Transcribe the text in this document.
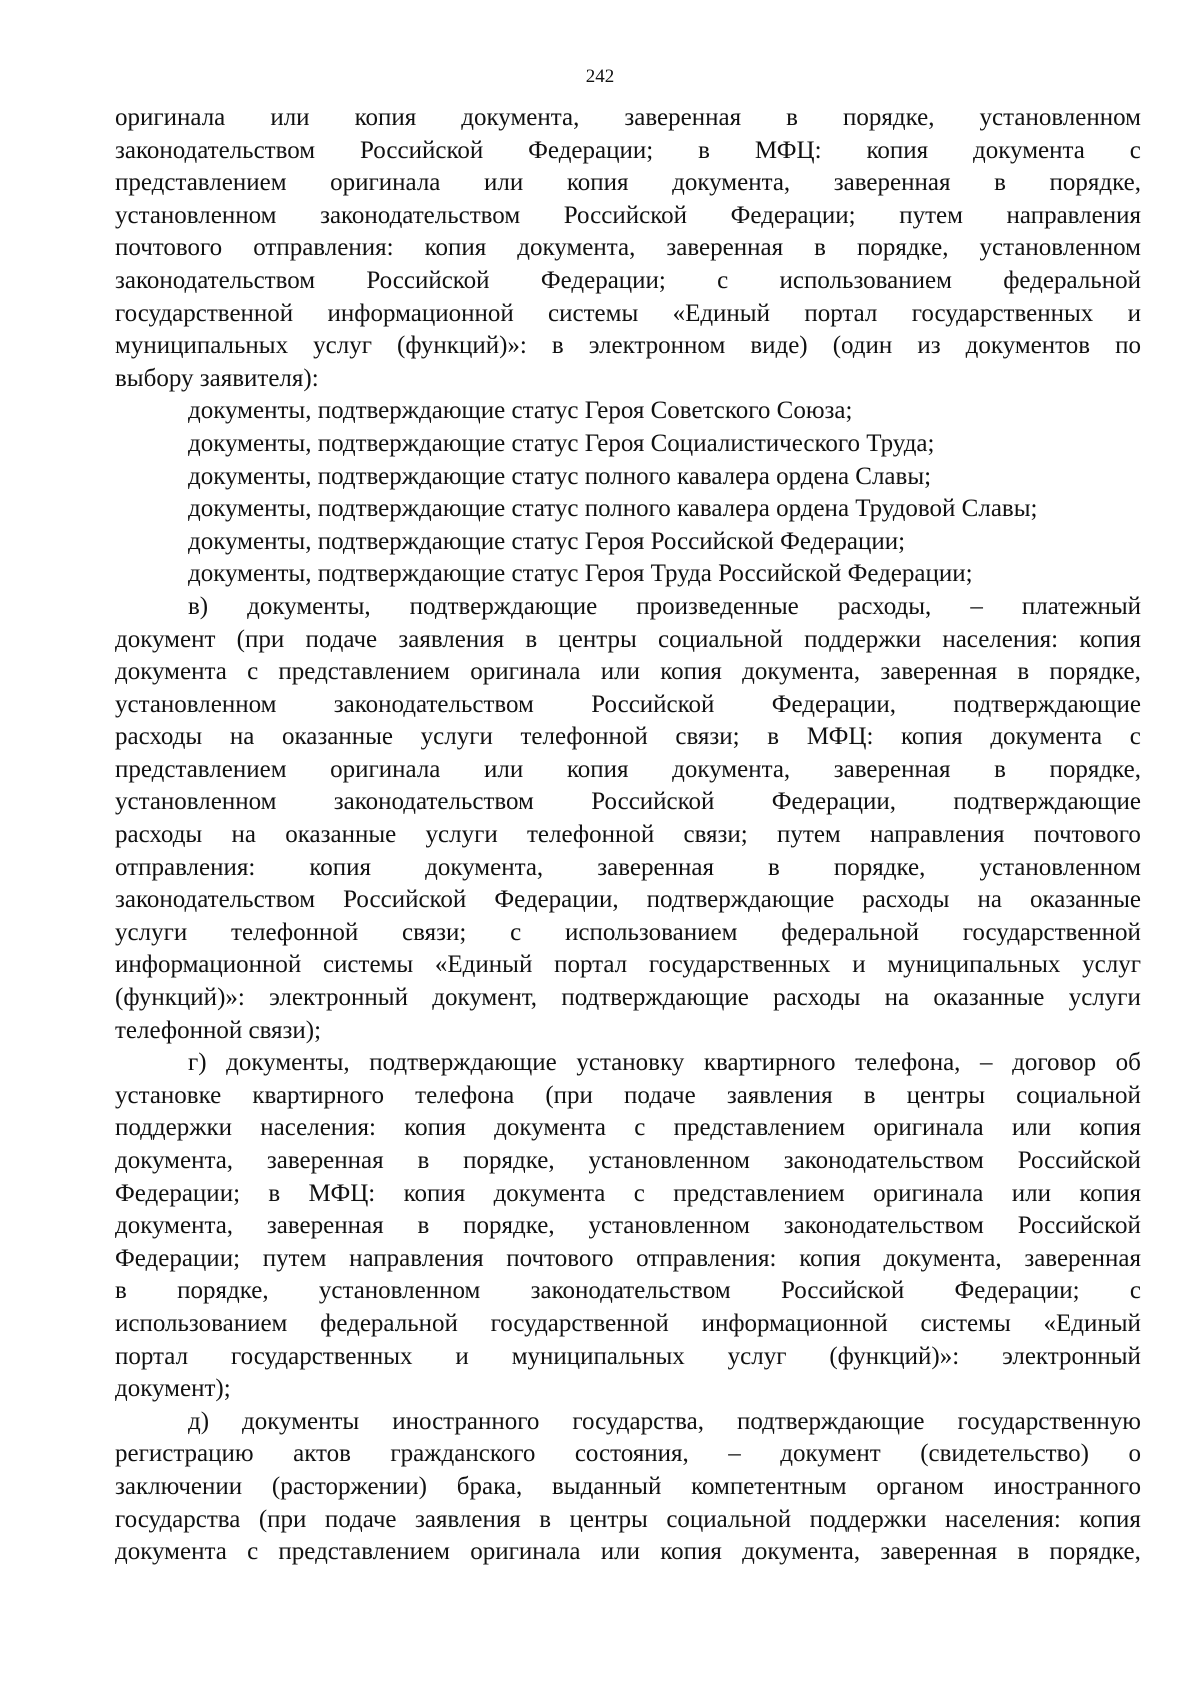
242
оригинала или копия документа, заверенная в порядке, установленном
законодательством Российской Федерации; в МФЦ: копия документа с
представлением оригинала или копия документа, заверенная в порядке,
установленном законодательством Российской Федерации; путем направления
почтового отправления: копия документа, заверенная в порядке, установленном
законодательством Российской Федерации; с использованием федеральной
государственной информационной системы «Единый портал государственных и
муниципальных услуг (функций)»: в электронном виде) (один из документов по
выбору заявителя):
документы, подтверждающие статус Героя Советского Союза;
документы, подтверждающие статус Героя Социалистического Труда;
документы, подтверждающие статус полного кавалера ордена Славы;
документы, подтверждающие статус полного кавалера ордена Трудовой Славы;
документы, подтверждающие статус Героя Российской Федерации;
документы, подтверждающие статус Героя Труда Российской Федерации;
в) документы, подтверждающие произведенные расходы, – платежный
документ (при подаче заявления в центры социальной поддержки населения: копия
документа с представлением оригинала или копия документа, заверенная в порядке,
установленном законодательством Российской Федерации, подтверждающие
расходы на оказанные услуги телефонной связи; в МФЦ: копия документа с
представлением оригинала или копия документа, заверенная в порядке,
установленном законодательством Российской Федерации, подтверждающие
расходы на оказанные услуги телефонной связи; путем направления почтового
отправления: копия документа, заверенная в порядке, установленном
законодательством Российской Федерации, подтверждающие расходы на оказанные
услуги телефонной связи; с использованием федеральной государственной
информационной системы «Единый портал государственных и муниципальных услуг
(функций)»: электронный документ, подтверждающие расходы на оказанные услуги
телефонной связи);
г) документы, подтверждающие установку квартирного телефона, – договор об
установке квартирного телефона (при подаче заявления в центры социальной
поддержки населения: копия документа с представлением оригинала или копия
документа, заверенная в порядке, установленном законодательством Российской
Федерации; в МФЦ: копия документа с представлением оригинала или копия
документа, заверенная в порядке, установленном законодательством Российской
Федерации; путем направления почтового отправления: копия документа, заверенная
в порядке, установленном законодательством Российской Федерации; с
использованием федеральной государственной информационной системы «Единый
портал государственных и муниципальных услуг (функций)»: электронный
документ);
д) документы иностранного государства, подтверждающие государственную
регистрацию актов гражданского состояния, – документ (свидетельство) о
заключении (расторжении) брака, выданный компетентным органом иностранного
государства (при подаче заявления в центры социальной поддержки населения: копия
документа с представлением оригинала или копия документа, заверенная в порядке,
